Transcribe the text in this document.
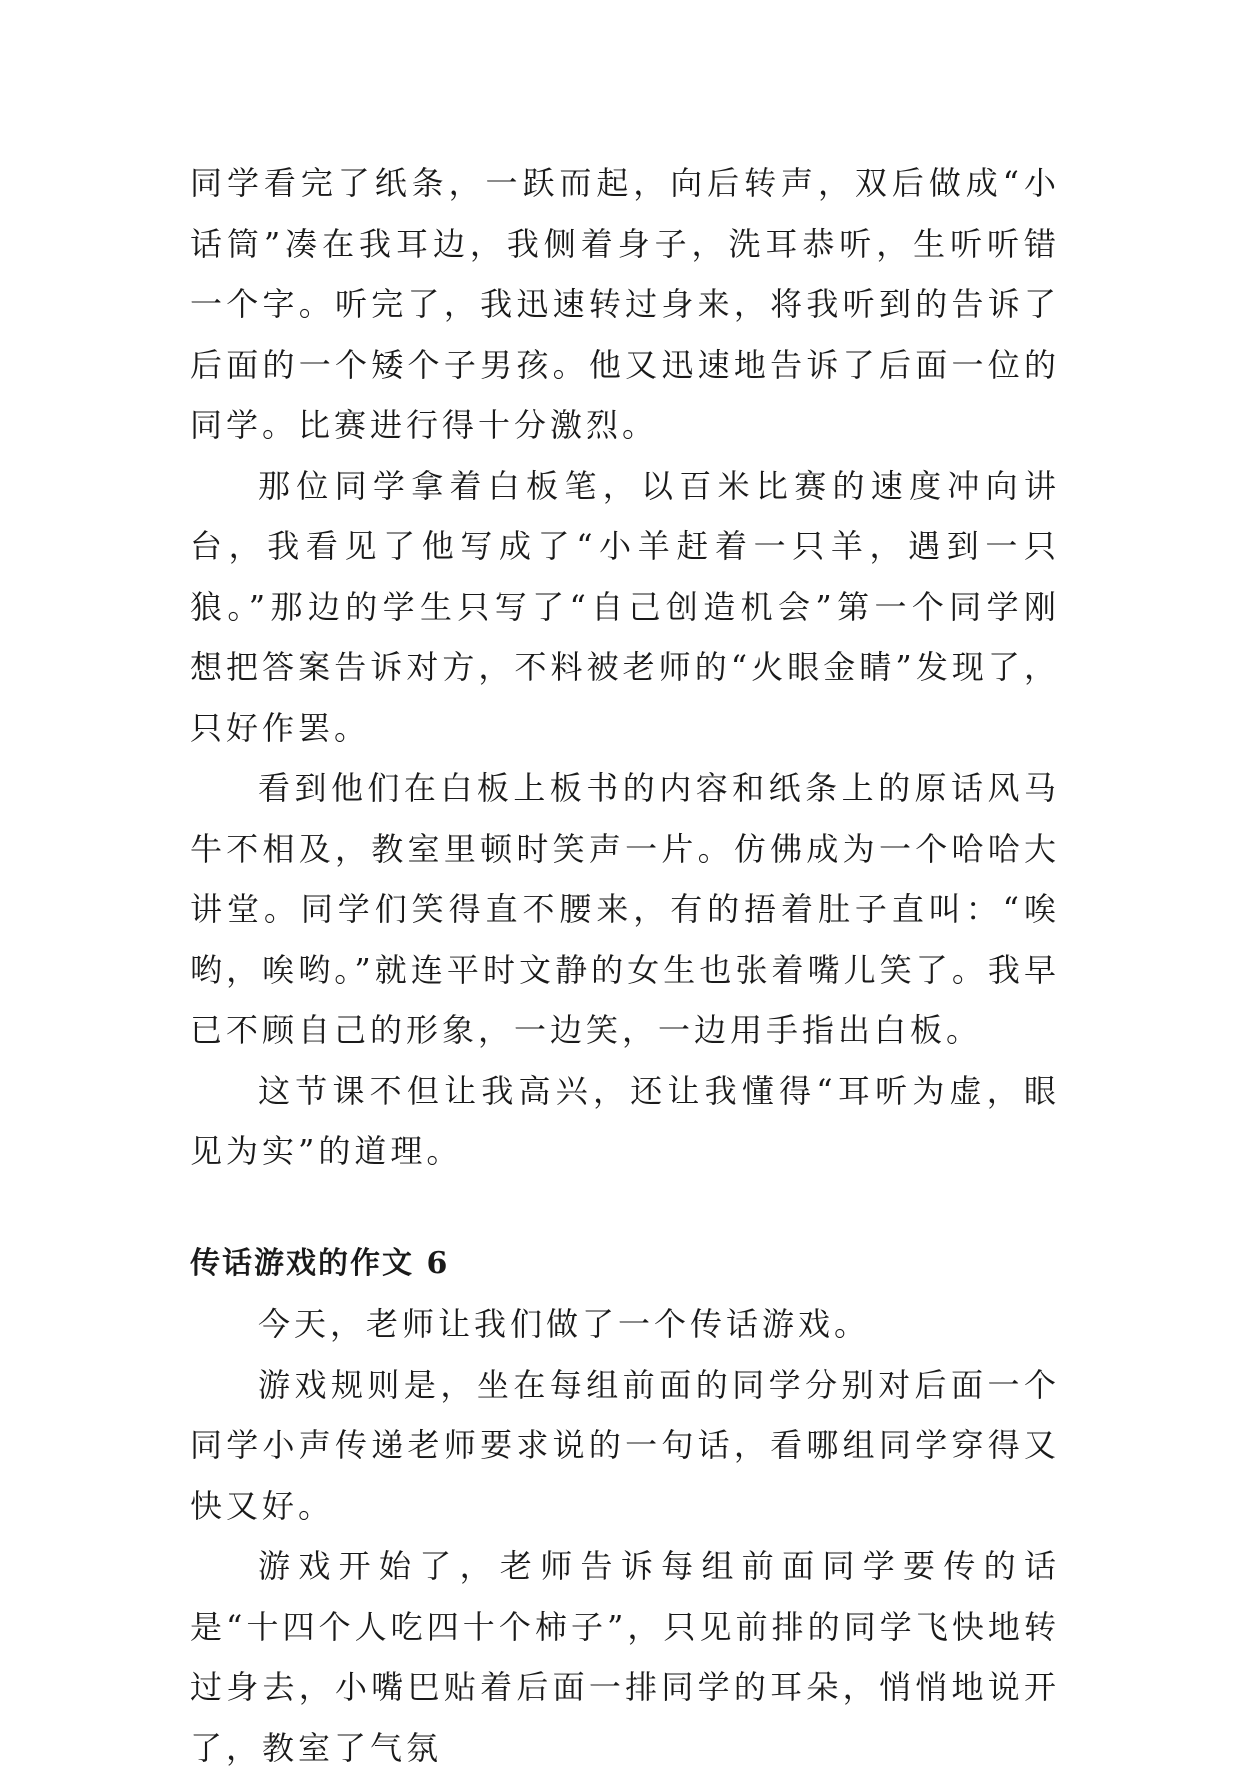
同学看完了纸条，一跃而起，向后转声，双后做成“小话筒”凑在我耳边，我侧着身子，洗耳恭听，生听听错一个字。听完了，我迅速转过身来，将我听到的告诉了后面的一个矮个子男孩。他又迅速地告诉了后面一位的同学。比赛进行得十分激烈。

那位同学拿着白板笔，以百米比赛的速度冲向讲台，我看见了他写成了“小羊赶着一只羊，遇到一只狼。”那边的学生只写了“自己创造机会”第一个同学刚想把答案告诉对方，不料被老师的“火眼金睛”发现了，只好作罢。

看到他们在白板上板书的内容和纸条上的原话风马牛不相及，教室里顿时笑声一片。仿佛成为一个哈哈大讲堂。同学们笑得直不腰来，有的捂着肚子直叫：“唉哟，唉哟。”就连平时文静的女生也张着嘴儿笑了。我早已不顾自己的形象，一边笑，一边用手指出白板。

这节课不但让我高兴，还让我懂得“耳听为虚，眼见为实”的道理。

传话游戏的作文 6

今天，老师让我们做了一个传话游戏。

游戏规则是，坐在每组前面的同学分别对后面一个同学小声传递老师要求说的一句话，看哪组同学穿得又快又好。

游戏开始了，老师告诉每组前面同学要传的话是“十四个人吃四十个柿子”，只见前排的同学飞快地转过身去，小嘴巴贴着后面一排同学的耳朵，悄悄地说开了，教室了气氛
